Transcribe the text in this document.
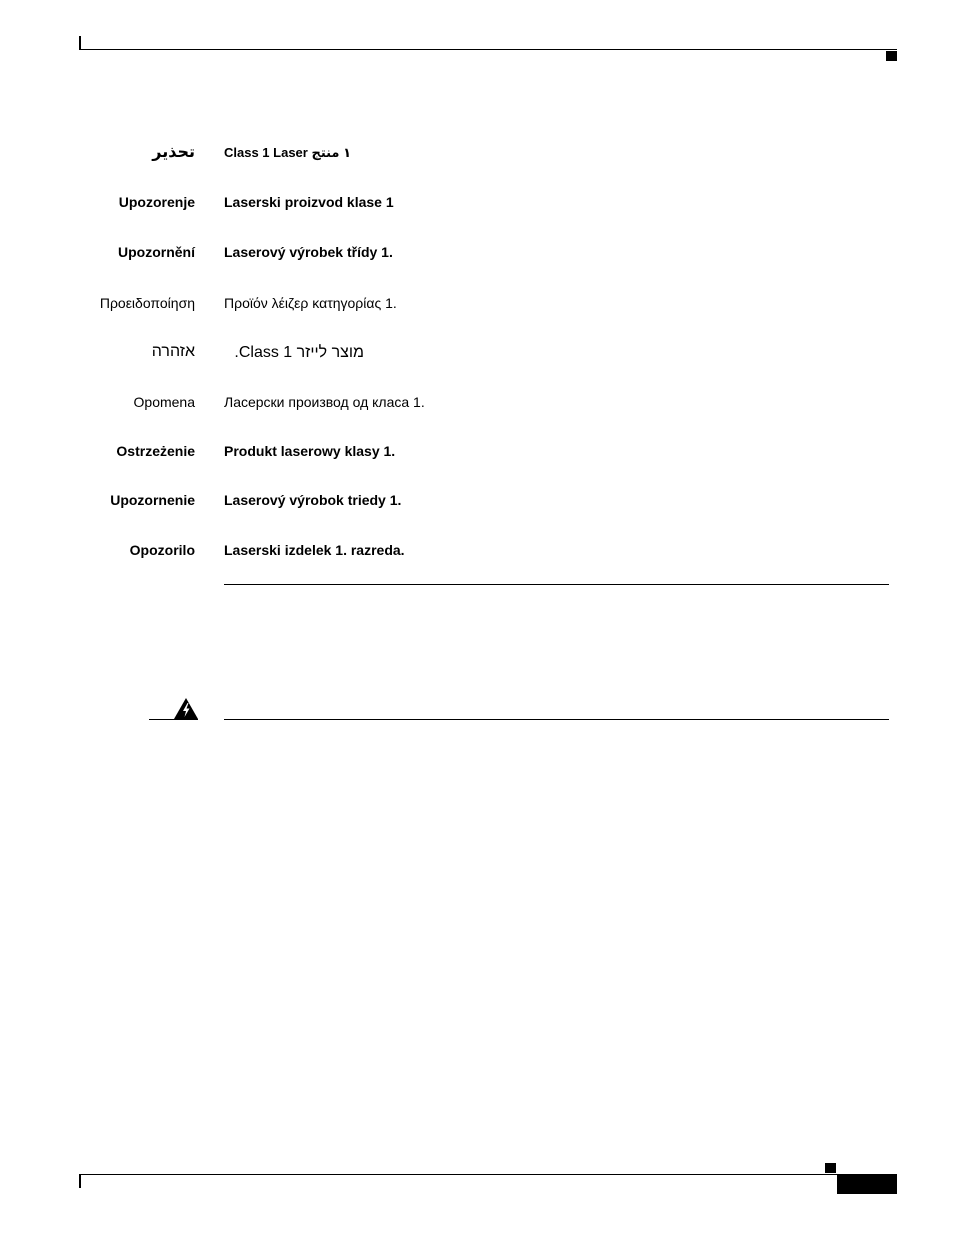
تحذير Class 1 Laser ١ منتج
Upozorenje Laserski proizvod klase 1
Upozornění Laserový výrobek třídy 1.
Προειδοποίηση Προϊόν λέιζερ κατηγορίας 1.
אזהרה	מוצר לייזר Class 1.
Opomena Ласерски производ од класа 1.
Ostrzeżenie Produkt laserowy klasy 1.
Upozornenie Laserový výrobok triedy 1.
Opozorilo Laserski izdelek 1. razreda.
